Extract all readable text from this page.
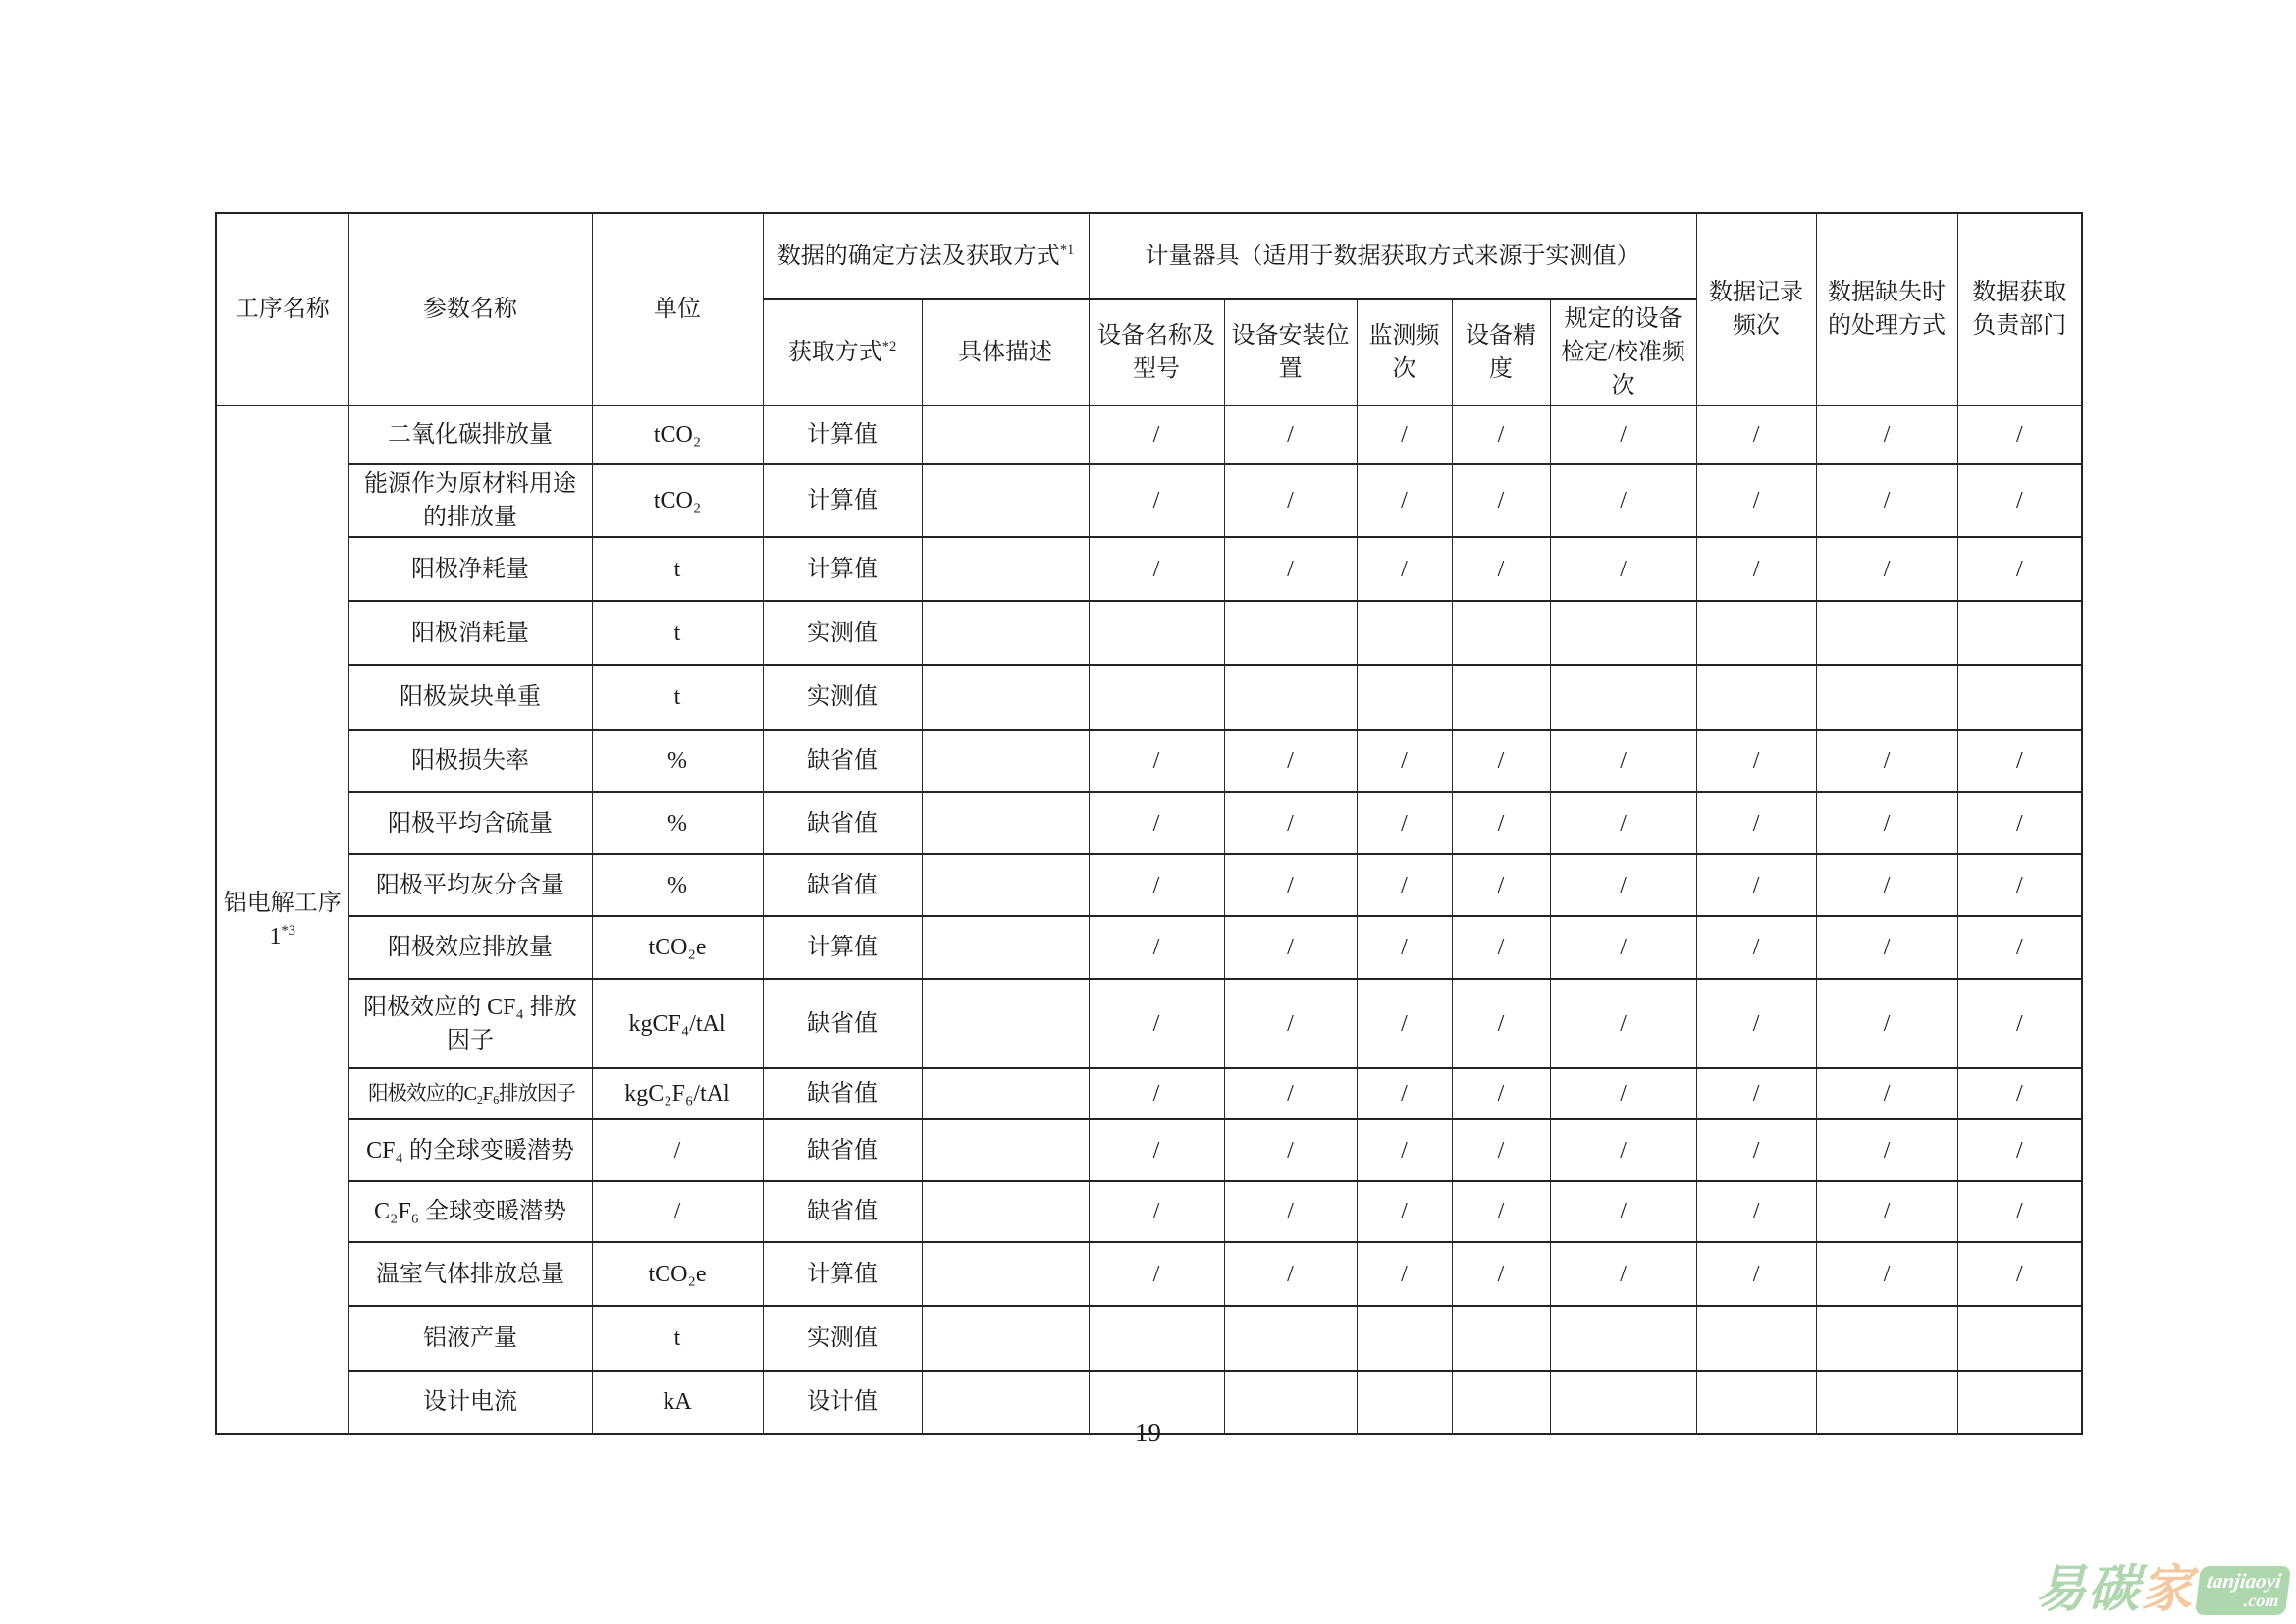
工序名称	参数名称	单位	数据的确定方法及获取方式$^{*1}$		计量器具（适用于数据获取方式来源于实测值）					数据记录频次	数据缺失时的处理方式	数据获取负责部门
			获取方式$^{*2}$	具体描述	设备名称及型号	设备安装位置	监测频次	设备精度	规定的设备检定/校准频次			

铝电解工序
1$^{*3}$	二氧化碳排放量	tCO₂	计算值		/	/	/	/	/	/	/	/
	能源作为原材料用途的排放量	tCO₂	计算值		/	/	/	/	/	/	/	/
	阳极净耗量	t	计算值		/	/	/	/	/	/	/	/
	阳极消耗量	t	实测值									
	阳极炭块单重	t	实测值									
	阳极损失率	%	缺省值		/	/	/	/	/	/	/	/
	阳极平均含硫量	%	缺省值		/	/	/	/	/	/	/	/
	阳极平均灰分含量	%	缺省值		/	/	/	/	/	/	/	/
	阳极效应排放量	tCO₂e	计算值		/	/	/	/	/	/	/	/
	阳极效应的 CF₄ 排放因子	kgCF₄/tAl	缺省值		/	/	/	/	/	/	/	/
	阳极效应的C₂F₆排放因子	kgC₂F₆/tAl	缺省值		/	/	/	/	/	/	/	/
	CF₄ 的全球变暖潜势	/	缺省值		/	/	/	/	/	/	/	/
	C₂F₆ 全球变暖潜势	/	缺省值		/	/	/	/	/	/	/	/
	温室气体排放总量	tCO₂e	计算值		/	/	/	/	/	/	/	/
	铝液产量	t	实测值									
	设计电流	kA	设计值									
19
易 碳 家 tanjiaoyi
.com
